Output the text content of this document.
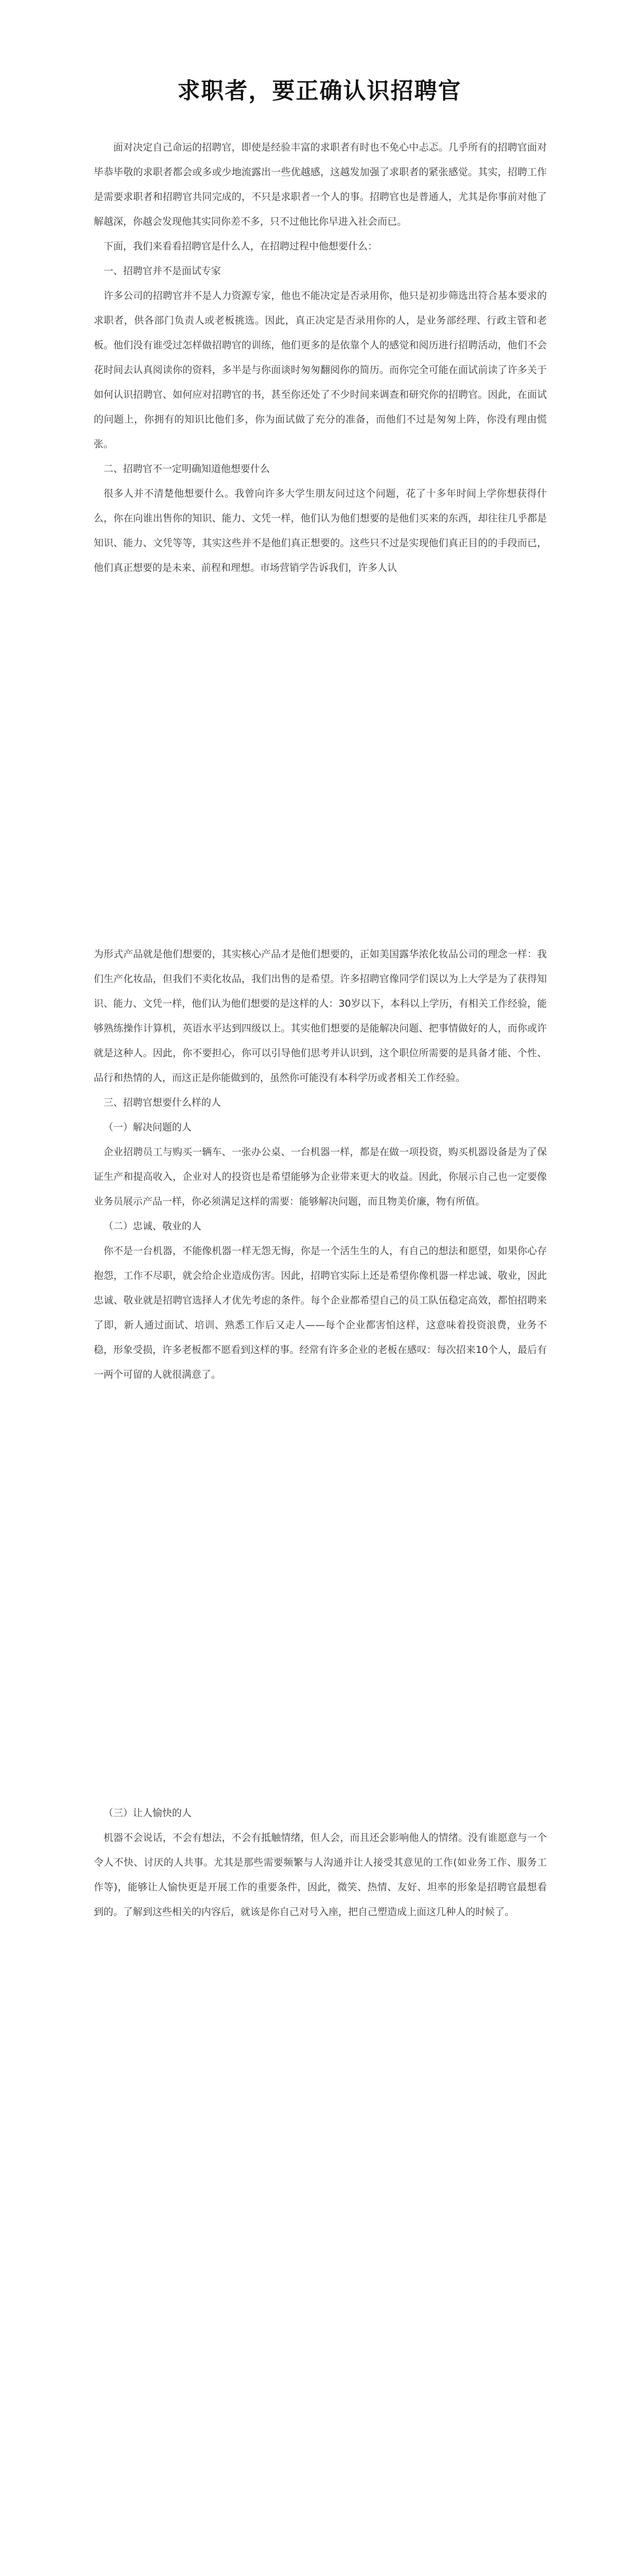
求职者，要正确认识招聘官

面对决定自己命运的招聘官，即使是经验丰富的求职者有时也不免心中忐忑。几乎所有的招聘官面对毕恭毕敬的求职者都会或多或少地流露出一些优越感，这越发加强了求职者的紧张感觉。其实，招聘工作是需要求职者和招聘官共同完成的，不只是求职者一个人的事。招聘官也是普通人，尤其是你事前对他了解越深，你越会发现他其实同你差不多，只不过他比你早进入社会而已。

下面，我们来看看招聘官是什么人，在招聘过程中他想要什么：

一、招聘官并不是面试专家

许多公司的招聘官并不是人力资源专家，他也不能决定是否录用你，他只是初步筛选出符合基本要求的求职者，供各部门负责人或老板挑选。因此，真正决定是否录用你的人，是业务部经理、行政主管和老板。他们没有谁受过怎样做招聘官的训练，他们更多的是依靠个人的感觉和阅历进行招聘活动，他们不会花时间去认真阅读你的资料，多半是与你面谈时匆匆翻阅你的简历。而你完全可能在面试前读了许多关于如何认识招聘官、如何应对招聘官的书，甚至你还处了不少时间来调查和研究你的招聘官。因此，在面试的问题上，你拥有的知识比他们多，你为面试做了充分的准备，而他们不过是匆匆上阵，你没有理由慌张。

二、招聘官不一定明确知道他想要什么

很多人并不清楚他想要什么。我曾向许多大学生朋友问过这个问题，花了十多年时间上学你想获得什么，你在向谁出售你的知识、能力、文凭一样，他们认为他们想要的是他们买来的东西，却往往几乎都是知识、能力、文凭等等，其实这些并不是他们真正想要的。这些只不过是实现他们真正目的的手段而已，他们真正想要的是未来、前程和理想。市场营销学告诉我们，许多人认

为形式产品就是他们想要的，其实核心产品才是他们想要的，正如美国露华浓化妆品公司的理念一样：我们生产化妆品，但我们不卖化妆品，我们出售的是希望。许多招聘官像同学们误以为上大学是为了获得知识、能力、文凭一样，他们认为他们想要的是这样的人：30岁以下，本科以上学历，有相关工作经验，能够熟练操作计算机，英语水平达到四级以上。其实他们想要的是能解决问题、把事情做好的人，而你或许就是这种人。因此，你不要担心，你可以引导他们思考并认识到，这个职位所需要的是具备才能、个性、品行和热情的人，而这正是你能做到的，虽然你可能没有本科学历或者相关工作经验。

三、招聘官想要什么样的人

（一）解决问题的人

企业招聘员工与购买一辆车、一张办公桌、一台机器一样，都是在做一项投资，购买机器设备是为了保证生产和提高收入，企业对人的投资也是希望能够为企业带来更大的收益。因此，你展示自己也一定要像业务员展示产品一样，你必须满足这样的需要：能够解决问题，而且物美价廉，物有所值。

（二）忠诚、敬业的人

你不是一台机器，不能像机器一样无怨无悔，你是一个活生生的人，有自己的想法和愿望，如果你心存抱怨，工作不尽职，就会给企业造成伤害。因此，招聘官实际上还是希望你像机器一样忠诚、敬业，因此忠诚、敬业就是招聘官选择人才优先考虑的条件。每个企业都希望自己的员工队伍稳定高效，都怕招聘来了即，新人通过面试、培训、熟悉工作后又走人——每个企业都害怕这样，这意味着投资浪费，业务不稳，形象受损，许多老板都不愿看到这样的事。经常有许多企业的老板在感叹：每次招来10个人，最后有一两个可留的人就很满意了。

（三）让人愉快的人

机器不会说话，不会有想法，不会有抵触情绪，但人会，而且还会影响他人的情绪。没有谁愿意与一个令人不快、讨厌的人共事。尤其是那些需要频繁与人沟通并让人接受其意见的工作(如业务工作、服务工作等)，能够让人愉快更是开展工作的重要条件，因此，微笑、热情、友好、坦率的形象是招聘官最想看到的。了解到这些相关的内容后，就该是你自己对号入座，把自己塑造成上面这几种人的时候了。
